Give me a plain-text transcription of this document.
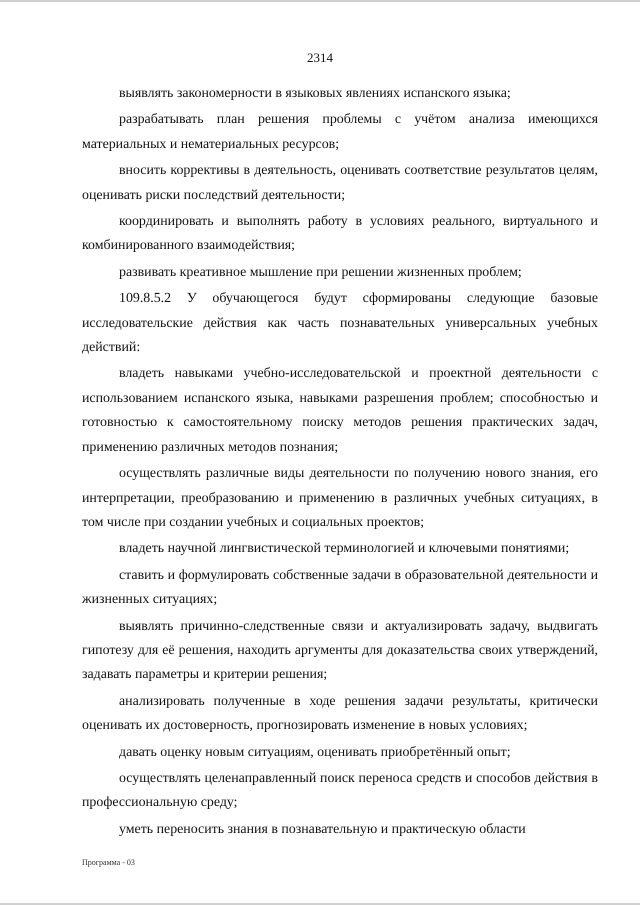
2314

выявлять закономерности в языковых явлениях испанского языка;

разрабатывать план решения проблемы с учётом анализа имеющихся материальных и нематериальных ресурсов;

вносить коррективы в деятельность, оценивать соответствие результатов целям, оценивать риски последствий деятельности;

координировать и выполнять работу в условиях реального, виртуального и комбинированного взаимодействия;

развивать креативное мышление при решении жизненных проблем;

109.8.5.2 У обучающегося будут сформированы следующие базовые исследовательские действия как часть познавательных универсальных учебных действий:

владеть навыками учебно-исследовательской и проектной деятельности с использованием испанского языка, навыками разрешения проблем; способностью и готовностью к самостоятельному поиску методов решения практических задач, применению различных методов познания;

осуществлять различные виды деятельности по получению нового знания, его интерпретации, преобразованию и применению в различных учебных ситуациях, в том числе при создании учебных и социальных проектов;

владеть научной лингвистической терминологией и ключевыми понятиями;

ставить и формулировать собственные задачи в образовательной деятельности и жизненных ситуациях;

выявлять причинно-следственные связи и актуализировать задачу, выдвигать гипотезу для её решения, находить аргументы для доказательства своих утверждений, задавать параметры и критерии решения;

анализировать полученные в ходе решения задачи результаты, критически оценивать их достоверность, прогнозировать изменение в новых условиях;

давать оценку новым ситуациям, оценивать приобретённый опыт;

осуществлять целенаправленный поиск переноса средств и способов действия в профессиональную среду;

уметь переносить знания в познавательную и практическую области

Программа - 03
